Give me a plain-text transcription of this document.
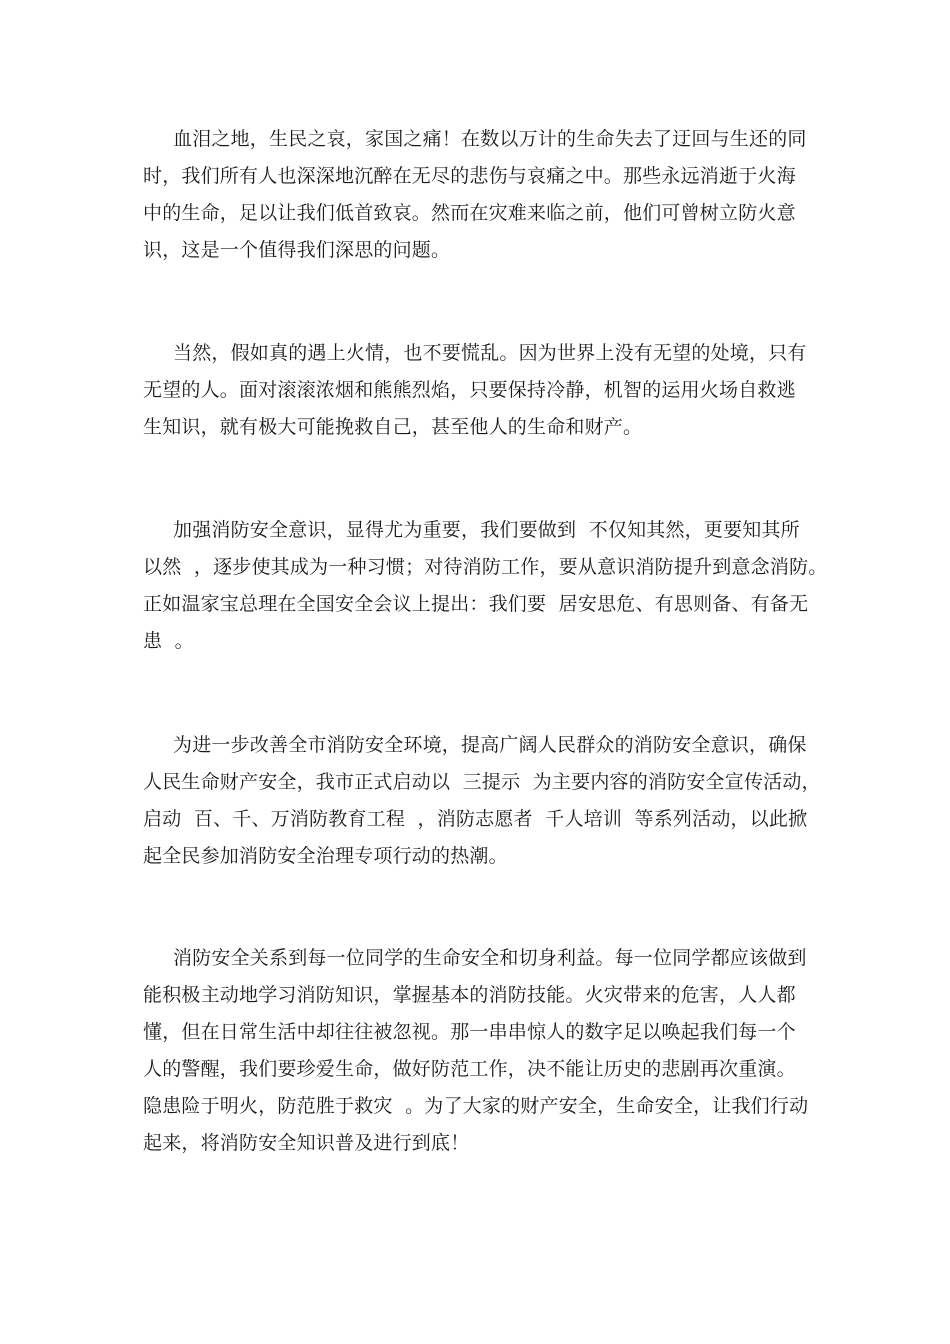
血泪之地，生民之哀，家国之痛！在数以万计的生命失去了迂回与生还的同
时，我们所有人也深深地沉醉在无尽的悲伤与哀痛之中。那些永远消逝于火海
中的生命，足以让我们低首致哀。然而在灾难来临之前，他们可曾树立防火意
识，这是一个值得我们深思的问题。
当然，假如真的遇上火情，也不要慌乱。因为世界上没有无望的处境，只有
无望的人。面对滚滚浓烟和熊熊烈焰，只要保持冷静，机智的运用火场自救逃
生知识，就有极大可能挽救自己，甚至他人的生命和财产。
加强消防安全意识，显得尤为重要，我们要做到  不仅知其然，更要知其所
以然  ，逐步使其成为一种习惯；对待消防工作，要从意识消防提升到意念消防。
正如温家宝总理在全国安全会议上提出：我们要  居安思危、有思则备、有备无
患  。
为进一步改善全市消防安全环境，提高广阔人民群众的消防安全意识，确保
人民生命财产安全，我市正式启动以  三提示  为主要内容的消防安全宣传活动，
启动  百、千、万消防教育工程  ，消防志愿者  千人培训  等系列活动，以此掀
起全民参加消防安全治理专项行动的热潮。
消防安全关系到每一位同学的生命安全和切身利益。每一位同学都应该做到
能积极主动地学习消防知识，掌握基本的消防技能。火灾带来的危害，人人都
懂，但在日常生活中却往往被忽视。那一串串惊人的数字足以唤起我们每一个
人的警醒，我们要珍爱生命，做好防范工作，决不能让历史的悲剧再次重演。
隐患险于明火，防范胜于救灾  。为了大家的财产安全，生命安全，让我们行动
起来，将消防安全知识普及进行到底！
